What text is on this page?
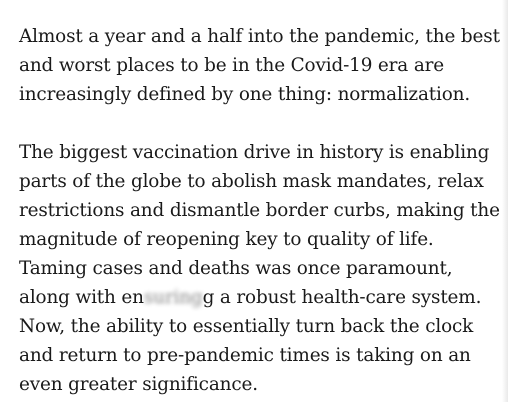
Almost a year and a half into the pandemic, the best
and worst places to be in the Covid-19 era are
increasingly defined by one thing: normalization.
The biggest vaccination drive in history is enabling
parts of the globe to abolish mask mandates, relax
restrictions and dismantle border curbs, making the
magnitude of reopening key to quality of life.
Taming cases and deaths was once paramount,
along with ensuringg a robust health-care system.
Now, the ability to essentially turn back the clock
and return to pre-pandemic times is taking on an
even greater significance.
